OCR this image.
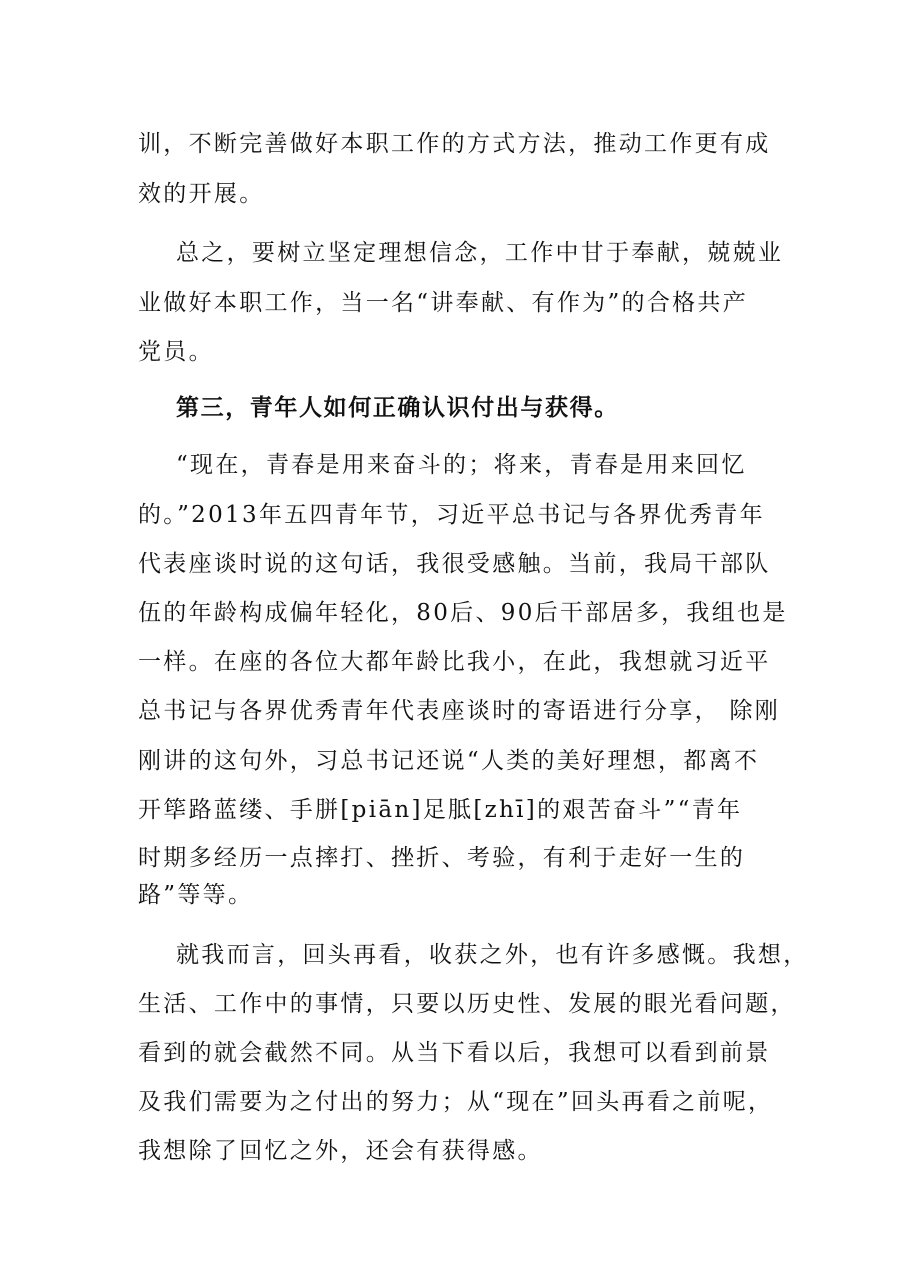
训，不断完善做好本职工作的方式方法，推动工作更有成
效的开展。
总之，要树立坚定理想信念，工作中甘于奉献，兢兢业
业做好本职工作，当一名“讲奉献、有作为”的合格共产
党员。
第三，青年人如何正确认识付出与获得。
“现在，青春是用来奋斗的；将来，青春是用来回忆
的。”2013年五四青年节，习近平总书记与各界优秀青年
代表座谈时说的这句话，我很受感触。当前，我局干部队
伍的年龄构成偏年轻化，80后、90后干部居多，我组也是
一样。在座的各位大都年龄比我小，在此，我想就习近平
总书记与各界优秀青年代表座谈时的寄语进行分享， 除刚
刚讲的这句外，习总书记还说“人类的美好理想，都离不
开筚路蓝缕、手胼[piān]足胝[zhī]的艰苦奋斗”“青年
时期多经历一点摔打、挫折、考验，有利于走好一生的
路”等等。
就我而言，回头再看，收获之外，也有许多感慨。我想，
生活、工作中的事情，只要以历史性、发展的眼光看问题，
看到的就会截然不同。从当下看以后，我想可以看到前景
及我们需要为之付出的努力；从“现在”回头再看之前呢，
我想除了回忆之外，还会有获得感。
